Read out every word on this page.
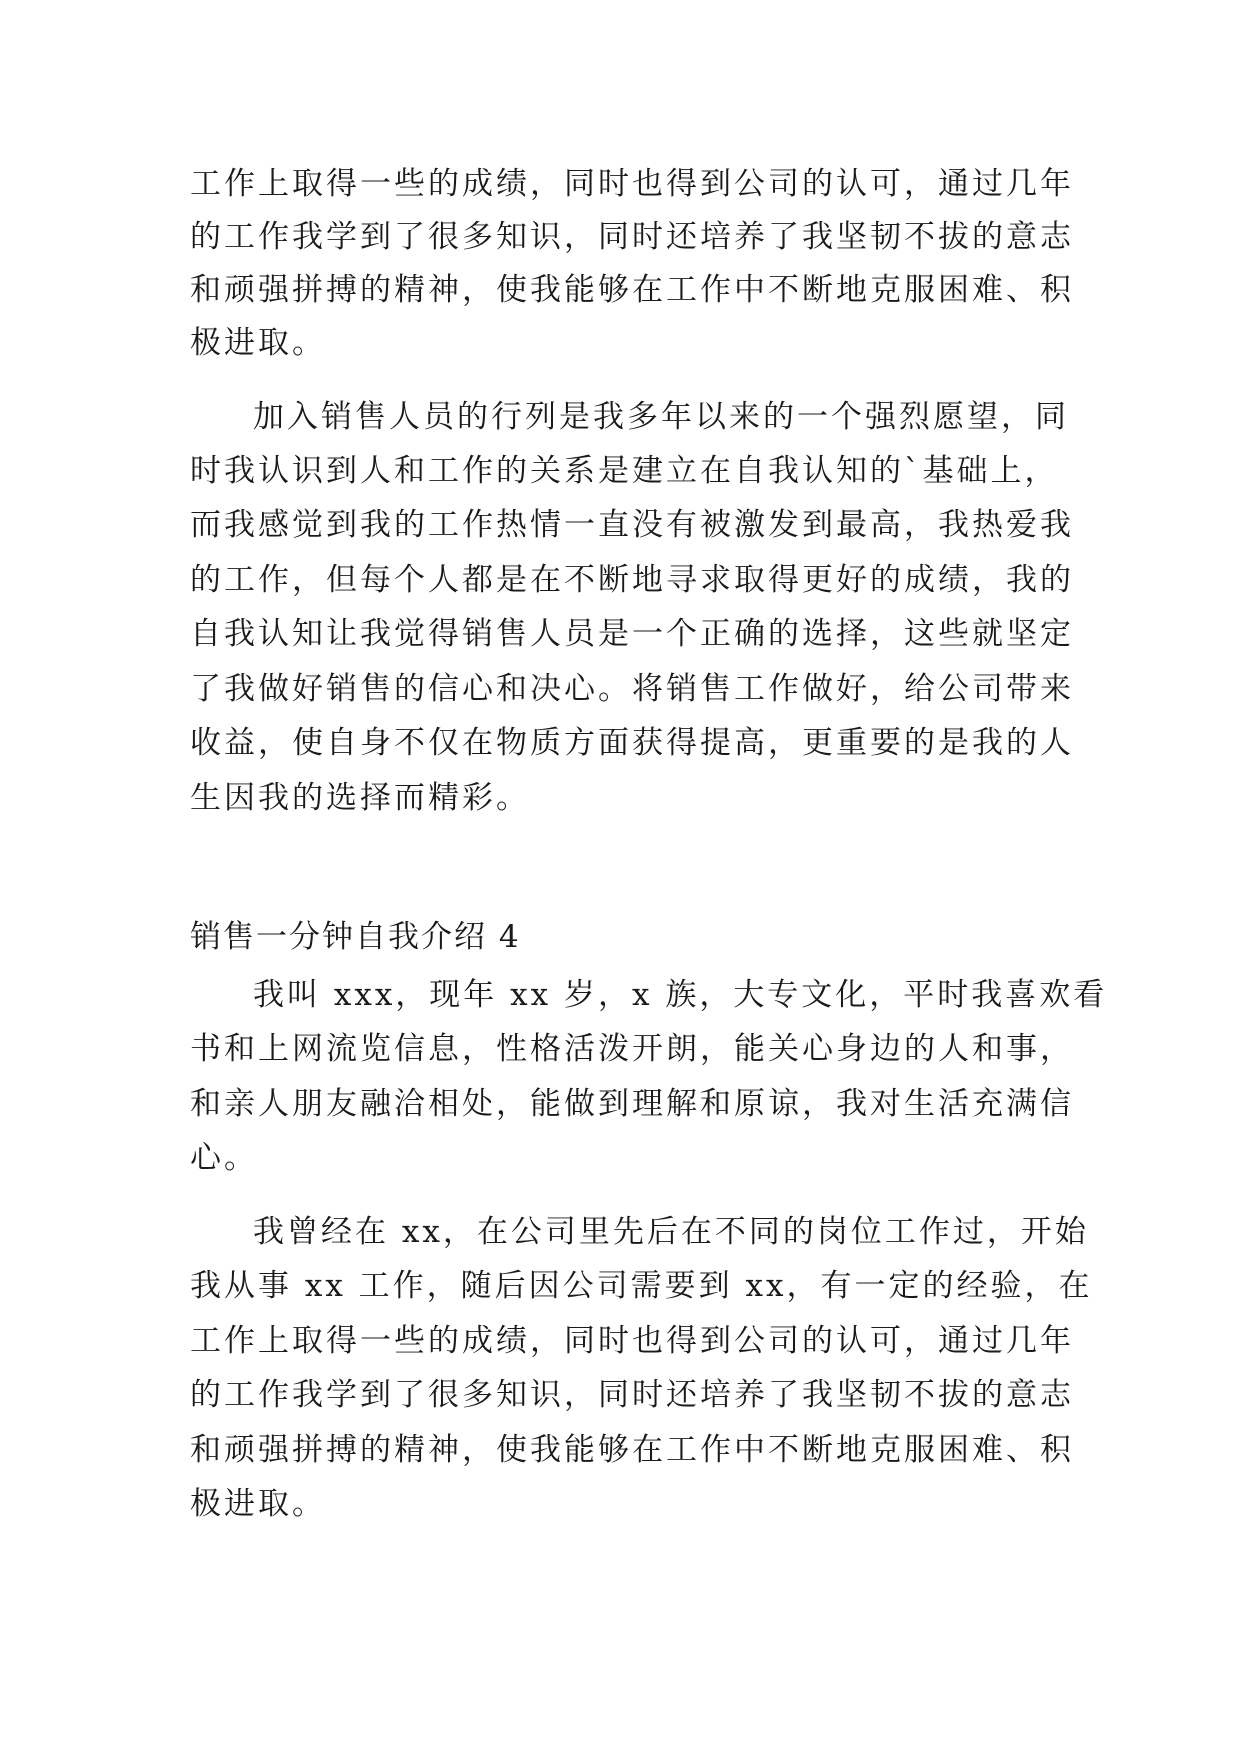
工作上取得一些的成绩，同时也得到公司的认可，通过几年
的工作我学到了很多知识，同时还培养了我坚韧不拔的意志
和顽强拼搏的精神，使我能够在工作中不断地克服困难、积
极进取。
加入销售人员的行列是我多年以来的一个强烈愿望，同
时我认识到人和工作的关系是建立在自我认知的`基础上，
而我感觉到我的工作热情一直没有被激发到最高，我热爱我
的工作，但每个人都是在不断地寻求取得更好的成绩，我的
自我认知让我觉得销售人员是一个正确的选择，这些就坚定
了我做好销售的信心和决心。将销售工作做好，给公司带来
收益，使自身不仅在物质方面获得提高，更重要的是我的人
生因我的选择而精彩。
销售一分钟自我介绍 4
我叫 xxx，现年 xx 岁，x 族，大专文化，平时我喜欢看
书和上网流览信息，性格活泼开朗，能关心身边的人和事，
和亲人朋友融洽相处，能做到理解和原谅，我对生活充满信
心。
我曾经在 xx，在公司里先后在不同的岗位工作过，开始
我从事 xx 工作，随后因公司需要到 xx，有一定的经验，在
工作上取得一些的成绩，同时也得到公司的认可，通过几年
的工作我学到了很多知识，同时还培养了我坚韧不拔的意志
和顽强拼搏的精神，使我能够在工作中不断地克服困难、积
极进取。
